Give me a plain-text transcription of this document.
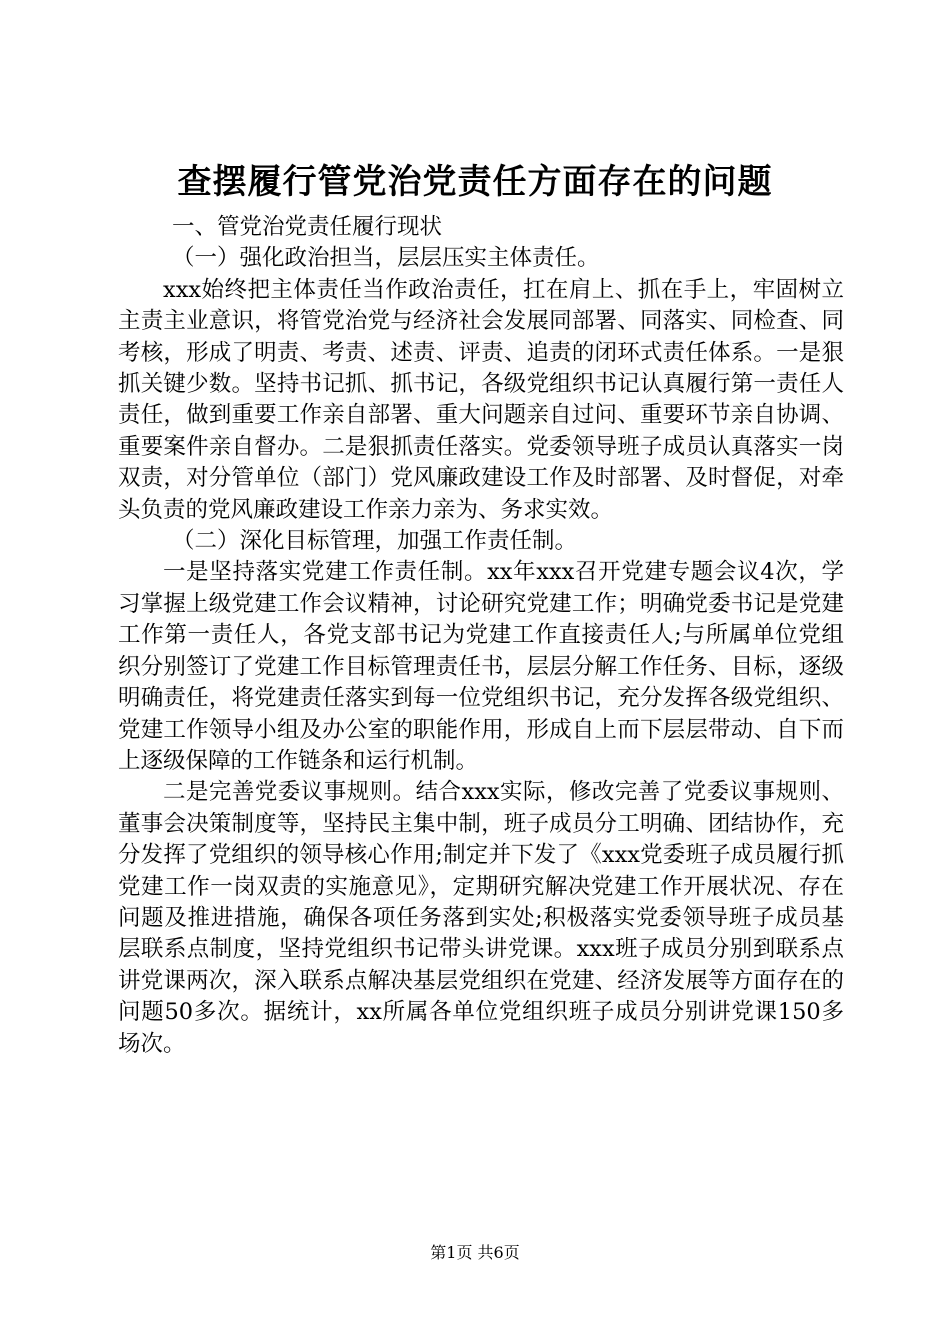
查摆履行管党治党责任方面存在的问题

一、管党治党责任履行现状

（一）强化政治担当，层层压实主体责任。

xxx始终把主体责任当作政治责任，扛在肩上、抓在手上，牢固树立主责主业意识，将管党治党与经济社会发展同部署、同落实、同检查、同考核，形成了明责、考责、述责、评责、追责的闭环式责任体系。一是狠抓关键少数。坚持书记抓、抓书记，各级党组织书记认真履行第一责任人责任，做到重要工作亲自部署、重大问题亲自过问、重要环节亲自协调、重要案件亲自督办。二是狠抓责任落实。党委领导班子成员认真落实一岗双责，对分管单位（部门）党风廉政建设工作及时部署、及时督促，对牵头负责的党风廉政建设工作亲力亲为、务求实效。

（二）深化目标管理，加强工作责任制。

一是坚持落实党建工作责任制。xx年xxx召开党建专题会议4次，学习掌握上级党建工作会议精神，讨论研究党建工作；明确党委书记是党建工作第一责任人，各党支部书记为党建工作直接责任人;与所属单位党组织分别签订了党建工作目标管理责任书，层层分解工作任务、目标，逐级明确责任，将党建责任落实到每一位党组织书记，充分发挥各级党组织、党建工作领导小组及办公室的职能作用，形成自上而下层层带动、自下而上逐级保障的工作链条和运行机制。

二是完善党委议事规则。结合xxx实际，修改完善了党委议事规则、董事会决策制度等，坚持民主集中制，班子成员分工明确、团结协作，充分发挥了党组织的领导核心作用;制定并下发了《xxx党委班子成员履行抓党建工作一岗双责的实施意见》，定期研究解决党建工作开展状况、存在问题及推进措施，确保各项任务落到实处;积极落实党委领导班子成员基层联系点制度，坚持党组织书记带头讲党课。xxx班子成员分别到联系点讲党课两次，深入联系点解决基层党组织在党建、经济发展等方面存在的问题50多次。据统计，xx所属各单位党组织班子成员分别讲党课150多场次。

第1页 共6页
